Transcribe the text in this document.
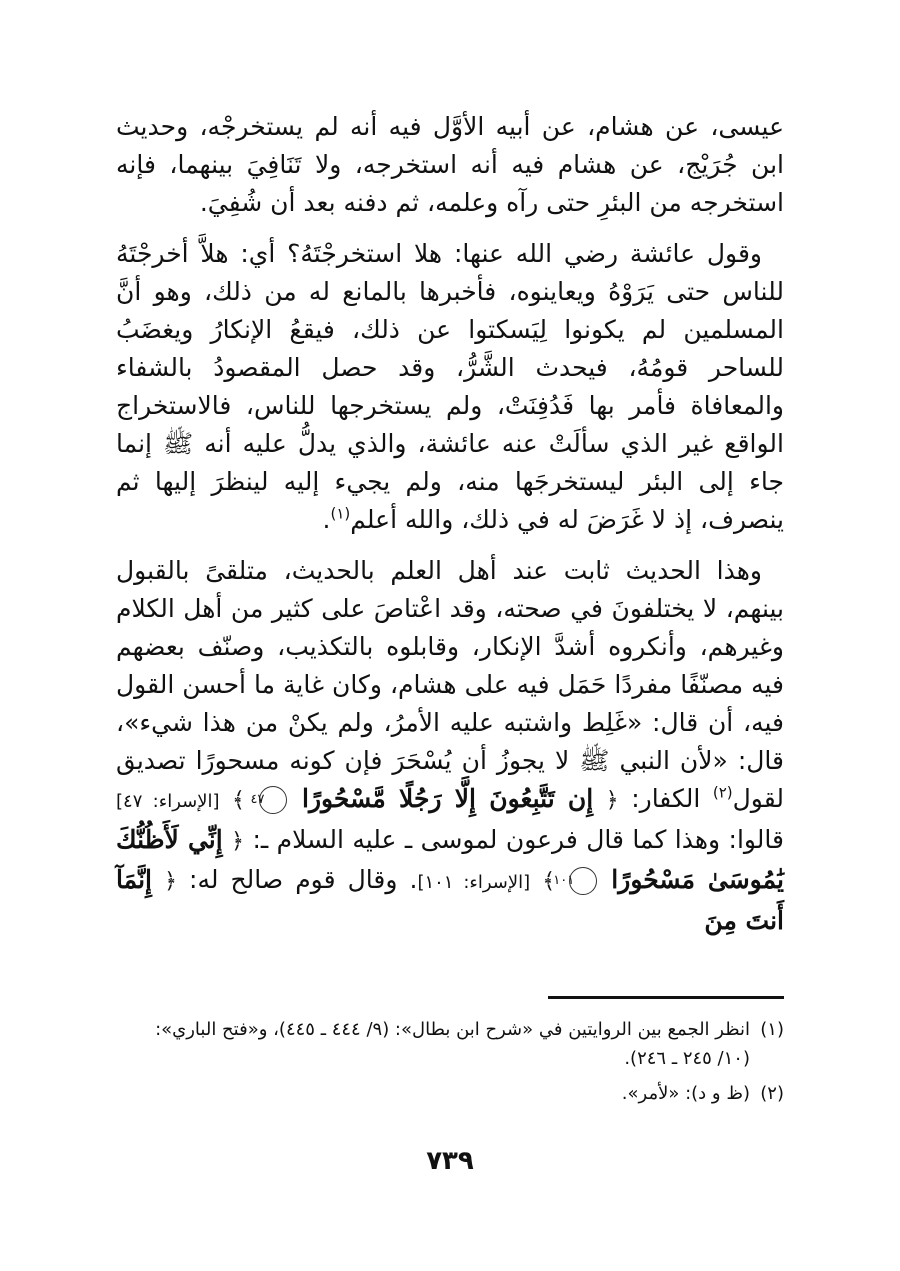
عيسى، عن هشام، عن أبيه الأوَّل فيه أنه لم يستخرجْه، وحديث ابن جُرَيْج، عن هشام فيه أنه استخرجه، ولا تَنَافِيَ بينهما، فإنه استخرجه من البئرِ حتى رآه وعلمه، ثم دفنه بعد أن شُفِيَ.

وقول عائشة رضي الله عنها: هلا استخرجْتَهُ؟ أي: هلاَّ أخرجْتَهُ للناس حتى يَرَوْهُ ويعاينوه، فأخبرها بالمانع له من ذلك، وهو أنَّ المسلمين لم يكونوا لِيَسكتوا عن ذلك، فيقعُ الإنكارُ ويغضَبُ للساحر قومُهُ، فيحدث الشَّرُّ، وقد حصل المقصودُ بالشفاء والمعافاة فأمر بها فَدُفِنَتْ، ولم يستخرجها للناس، فالاستخراج الواقع غير الذي سألَتْ عنه عائشة، والذي يدلُّ عليه أنه ﷺ إنما جاء إلى البئر ليستخرجَها منه، ولم يجيء إليه لينظرَ إليها ثم ينصرف، إذ لا غَرَضَ له في ذلك، والله أعلم$^{(١)}$.

وهذا الحديث ثابت عند أهل العلم بالحديث، متلقىً بالقبول بينهم، لا يختلفونَ في صحته، وقد اعْتاصَ على كثير من أهل الكلام وغيرهم، وأنكروه أشدَّ الإنكار، وقابلوه بالتكذيب، وصنّف بعضهم فيه مصنّفًا مفردًا حَمَل فيه على هشام، وكان غاية ما أحسن القول فيه، أن قال: «غَلِط واشتبه عليه الأمرُ، ولم يكنْ من هذا شيء»، قال: «لأن النبي ﷺ لا يجوزُ أن يُسْحَرَ فإن كونه مسحورًا تصديق لقول$^{(٢)}$ الكفار: ﴿ إِن تَتَّبِعُونَ إِلَّا رَجُلًا مَّسْحُورًا ٤٧ ﴾ [الإسراء: ٤٧] قالوا: وهذا كما قال فرعون لموسى ـ عليه السلام ـ: ﴿ إِنِّي لَأَظُنُّكَ يَٰمُوسَىٰ مَسْحُورًا ١٠١ ﴾ [الإسراء: ١٠١]. وقال قوم صالح له: ﴿ إِنَّمَآ أَنتَ مِنَ

(١)انظر الجمع بين الروايتين في «شرح ابن بطال»: (٩/ ٤٤٤ ـ ٤٤٥)، و«فتح الباري»:
(١٠/ ٢٤٥ ـ ٢٤٦).
(٢)(ظ و د): «لأمر».
٧٣٩
